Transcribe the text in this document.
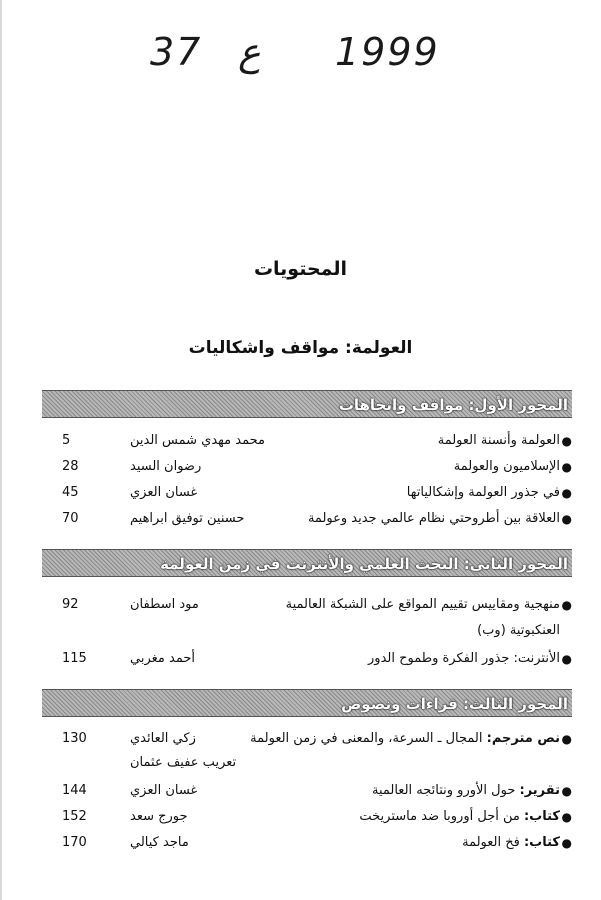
37 ع 1999
المحتويات
العولمة: مواقف واشكاليات
المحور الأول: مواقف واتجاهات
●
العولمة وأنسنة العولمة
محمد مهدي شمس الدين
5
●
الإسلاميون والعولمة
رضوان السيد
28
●
في جذور العولمة وإشكالياتها
غسان العزي
45
●
العلاقة بين أطروحتي نظام عالمي جديد وعولمة
حسنين توفيق ابراهيم
70
المحور الثاني: البحث العلمي والأنترنت في زمن العولمة
●
منهجية ومقاييس تقييم المواقع على الشبكة العالمية
مود اسطفان
92
العنكبوتية (وب)
●
الأنترنت: جذور الفكرة وطموح الدور
أحمد مغربي
115
المحور الثالث: قراءات ونصوص
●
نص مترجم: المجال ـ السرعة، والمعنى في زمن العولمة
زكي العائدي
130
تعريب عفيف عثمان
●
تقرير: حول الأورو ونتائجه العالمية
غسان العزي
144
●
كتاب: من أجل أوروبا ضد ماستريخت
جورج سعد
152
●
كتاب: فخ العولمة
ماجد كيالي
170
